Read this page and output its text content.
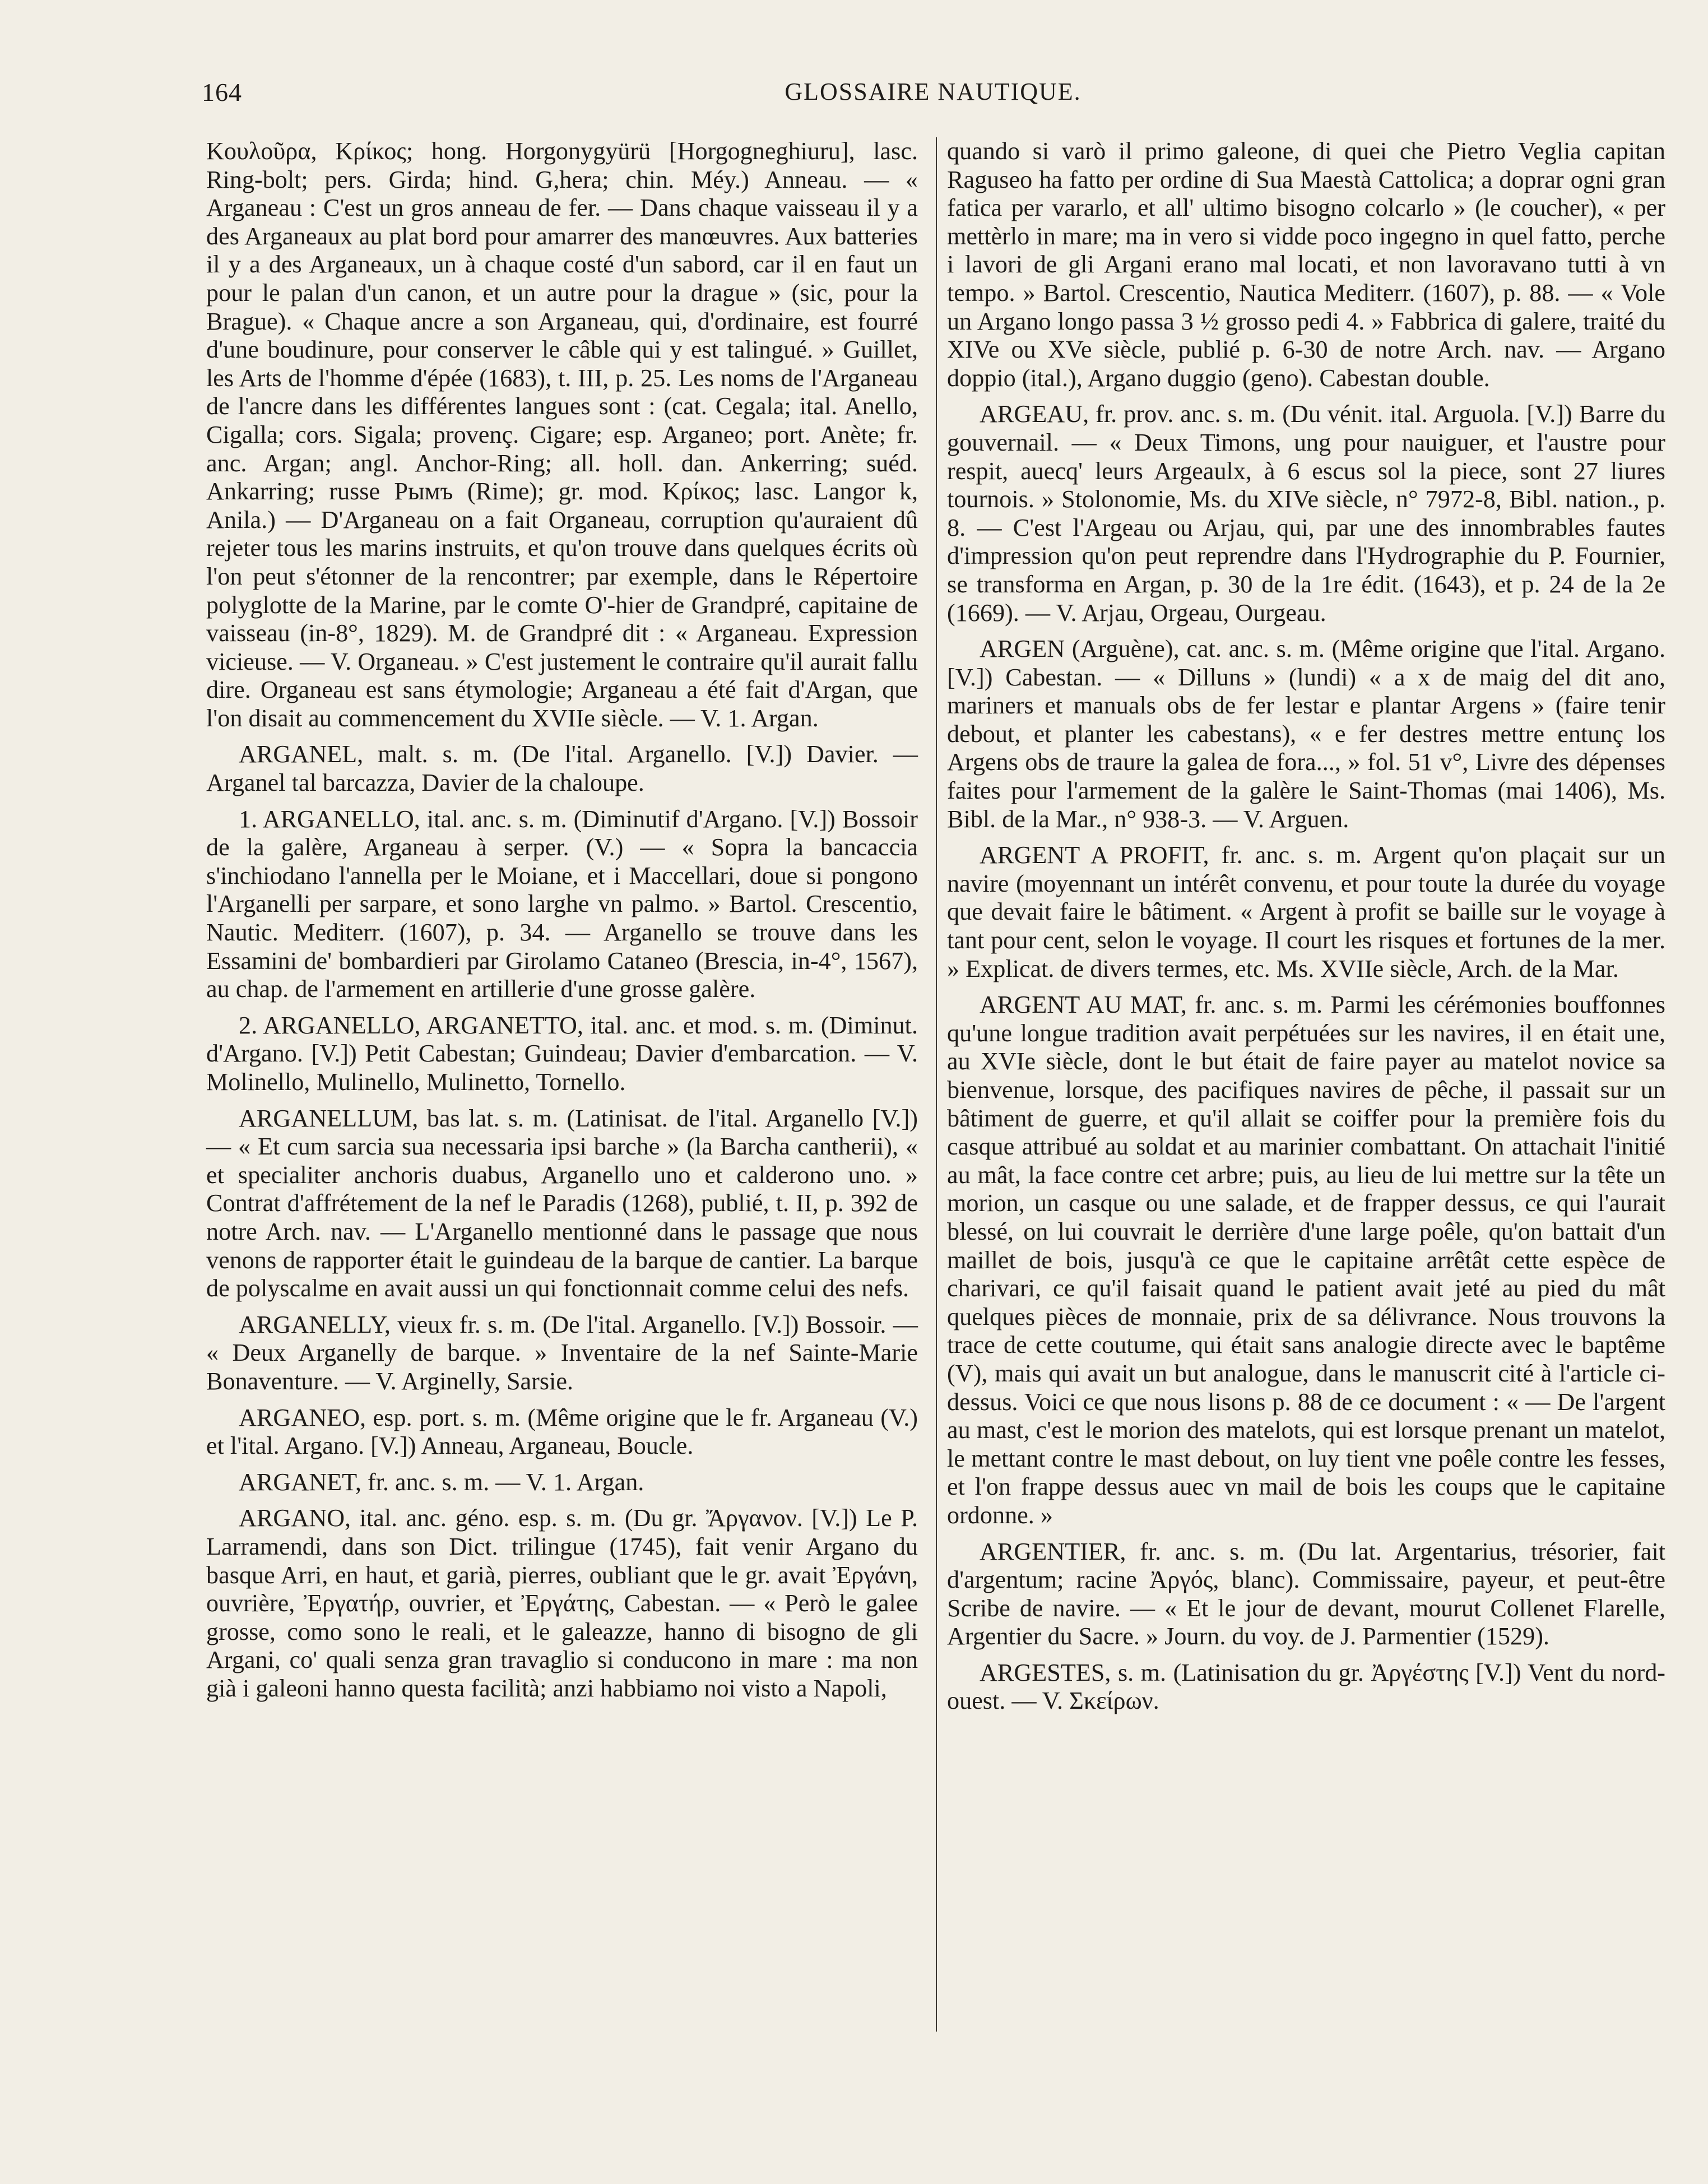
164	GLOSSAIRE NAUTIQUE.

Κουλοῦρα, Κρίκος; hong. Horgonygyürü [Horgogneghiuru], lasc. Ring-bolt; pers. Girda; hind. G,hera; chin. Méy.) Anneau. — « Arganeau : C'est un gros anneau de fer. — Dans chaque vaisseau il y a des Arganeaux au plat bord pour amarrer des manœuvres. Aux batteries il y a des Arganeaux, un à chaque costé d'un sabord, car il en faut un pour le palan d'un canon, et un autre pour la drague » (sic, pour la Brague). « Chaque ancre a son Arganeau, qui, d'ordinaire, est fourré d'une boudinure, pour conserver le câble qui y est talingué. » Guillet, les Arts de l'homme d'épée (1683), t. III, p. 25. Les noms de l'Arganeau de l'ancre dans les différentes langues sont : (cat. Cegala; ital. Anello, Cigalla; cors. Sigala; provenç. Cigare; esp. Arganeo; port. Anète; fr. anc. Argan; angl. Anchor-Ring; all. holl. dan. Ankerring; suéd. Ankarring; russe Рымъ (Rime); gr. mod. Κρίκος; lasc. Langor k, Anila.) — D'Arganeau on a fait Organeau, corruption qu'auraient dû rejeter tous les marins instruits, et qu'on trouve dans quelques écrits où l'on peut s'étonner de la rencontrer; par exemple, dans le Répertoire polyglotte de la Marine, par le comte O'-hier de Grandpré, capitaine de vaisseau (in-8°, 1829). M. de Grandpré dit : « Arganeau. Expression vicieuse. — V. Organeau. » C'est justement le contraire qu'il aurait fallu dire. Organeau est sans étymologie; Arganeau a été fait d'Argan, que l'on disait au commencement du XVIIe siècle. — V. 1. Argan.

ARGANEL, malt. s. m. (De l'ital. Arganello. [V.]) Davier. — Arganel tal barcazza, Davier de la chaloupe.

1. ARGANELLO, ital. anc. s. m. (Diminutif d'Argano. [V.]) Bossoir de la galère, Arganeau à serper. (V.) — « Sopra la bancaccia s'inchiodano l'annella per le Moiane, et i Maccellari, doue si pongono l'Arganelli per sarpare, et sono larghe vn palmo. » Bartol. Crescentio, Nautic. Mediterr. (1607), p. 34. — Arganello se trouve dans les Essamini de' bombardieri par Girolamo Cataneo (Brescia, in-4°, 1567), au chap. de l'armement en artillerie d'une grosse galère.

2. ARGANELLO, ARGANETTO, ital. anc. et mod. s. m. (Diminut. d'Argano. [V.]) Petit Cabestan; Guindeau; Davier d'embarcation. — V. Molinello, Mulinello, Mulinetto, Tornello.

ARGANELLUM, bas lat. s. m. (Latinisat. de l'ital. Arganello [V.]) — « Et cum sarcia sua necessaria ipsi barche » (la Barcha cantherii), « et specialiter anchoris duabus, Arganello uno et calderono uno. » Contrat d'affrétement de la nef le Paradis (1268), publié, t. II, p. 392 de notre Arch. nav. — L'Arganello mentionné dans le passage que nous venons de rapporter était le guindeau de la barque de cantier. La barque de polyscalme en avait aussi un qui fonctionnait comme celui des nefs.

ARGANELLY, vieux fr. s. m. (De l'ital. Arganello. [V.]) Bossoir. — « Deux Arganelly de barque. » Inventaire de la nef Sainte-Marie Bonaventure. — V. Arginelly, Sarsie.

ARGANEO, esp. port. s. m. (Même origine que le fr. Arganeau (V.) et l'ital. Argano. [V.]) Anneau, Arganeau, Boucle.

ARGANET, fr. anc. s. m. — V. 1. Argan.

ARGANO, ital. anc. géno. esp. s. m. (Du gr. Ἄργανον. [V.]) Le P. Larramendi, dans son Dict. trilingue (1745), fait venir Argano du basque Arri, en haut, et garià, pierres, oubliant que le gr. avait Ἐργάνη, ouvrière, Ἐργατήρ, ouvrier, et Ἐργάτης, Cabestan. — « Però le galee grosse, como sono le reali, et le galeazze, hanno di bisogno de gli Argani, co' quali senza gran travaglio si conducono in mare : ma non già i galeoni hanno questa facilità; anzi habbiamo noi visto a Napoli,

quando si varò il primo galeone, di quei che Pietro Veglia capitan Raguseo ha fatto per ordine di Sua Maestà Cattolica; a doprar ogni gran fatica per vararlo, et all' ultimo bisogno colcarlo » (le coucher), « per mettèrlo in mare; ma in vero si vidde poco ingegno in quel fatto, perche i lavori de gli Argani erano mal locati, et non lavoravano tutti à vn tempo. » Bartol. Crescentio, Nautica Mediterr. (1607), p. 88. — « Vole un Argano longo passa 3 ½ grosso pedi 4. » Fabbrica di galere, traité du XIVe ou XVe siècle, publié p. 6-30 de notre Arch. nav. — Argano doppio (ital.), Argano duggio (geno). Cabestan double.

ARGEAU, fr. prov. anc. s. m. (Du vénit. ital. Arguola. [V.]) Barre du gouvernail. — « Deux Timons, ung pour nauiguer, et l'austre pour respit, auecq' leurs Argeaulx, à 6 escus sol la piece, sont 27 liures tournois. » Stolonomie, Ms. du XIVe siècle, n° 7972-8, Bibl. nation., p. 8. — C'est l'Argeau ou Arjau, qui, par une des innombrables fautes d'impression qu'on peut reprendre dans l'Hydrographie du P. Fournier, se transforma en Argan, p. 30 de la 1re édit. (1643), et p. 24 de la 2e (1669). — V. Arjau, Orgeau, Ourgeau.

ARGEN (Arguène), cat. anc. s. m. (Même origine que l'ital. Argano. [V.]) Cabestan. — « Dilluns » (lundi) « a x de maig del dit ano, mariners et manuals obs de fer lestar e plantar Argens » (faire tenir debout, et planter les cabestans), « e fer destres mettre entunç los Argens obs de traure la galea de fora..., » fol. 51 v°, Livre des dépenses faites pour l'armement de la galère le Saint-Thomas (mai 1406), Ms. Bibl. de la Mar., n° 938-3. — V. Arguen.

ARGENT A PROFIT, fr. anc. s. m. Argent qu'on plaçait sur un navire (moyennant un intérêt convenu, et pour toute la durée du voyage que devait faire le bâtiment. « Argent à profit se baille sur le voyage à tant pour cent, selon le voyage. Il court les risques et fortunes de la mer. » Explicat. de divers termes, etc. Ms. XVIIe siècle, Arch. de la Mar.

ARGENT AU MAT, fr. anc. s. m. Parmi les cérémonies bouffonnes qu'une longue tradition avait perpétuées sur les navires, il en était une, au XVIe siècle, dont le but était de faire payer au matelot novice sa bienvenue, lorsque, des pacifiques navires de pêche, il passait sur un bâtiment de guerre, et qu'il allait se coiffer pour la première fois du casque attribué au soldat et au marinier combattant. On attachait l'initié au mât, la face contre cet arbre; puis, au lieu de lui mettre sur la tête un morion, un casque ou une salade, et de frapper dessus, ce qui l'aurait blessé, on lui couvrait le derrière d'une large poêle, qu'on battait d'un maillet de bois, jusqu'à ce que le capitaine arrêtât cette espèce de charivari, ce qu'il faisait quand le patient avait jeté au pied du mât quelques pièces de monnaie, prix de sa délivrance. Nous trouvons la trace de cette coutume, qui était sans analogie directe avec le baptême (V), mais qui avait un but analogue, dans le manuscrit cité à l'article ci-dessus. Voici ce que nous lisons p. 88 de ce document : « — De l'argent au mast, c'est le morion des matelots, qui est lorsque prenant un matelot, le mettant contre le mast debout, on luy tient vne poêle contre les fesses, et l'on frappe dessus auec vn mail de bois les coups que le capitaine ordonne. »

ARGENTIER, fr. anc. s. m. (Du lat. Argentarius, trésorier, fait d'argentum; racine Ἀργός, blanc). Commissaire, payeur, et peut-être Scribe de navire. — « Et le jour de devant, mourut Collenet Flarelle, Argentier du Sacre. » Journ. du voy. de J. Parmentier (1529).

ARGESTES, s. m. (Latinisation du gr. Ἀργέστης [V.]) Vent du nord-ouest. — V. Σκείρων.
